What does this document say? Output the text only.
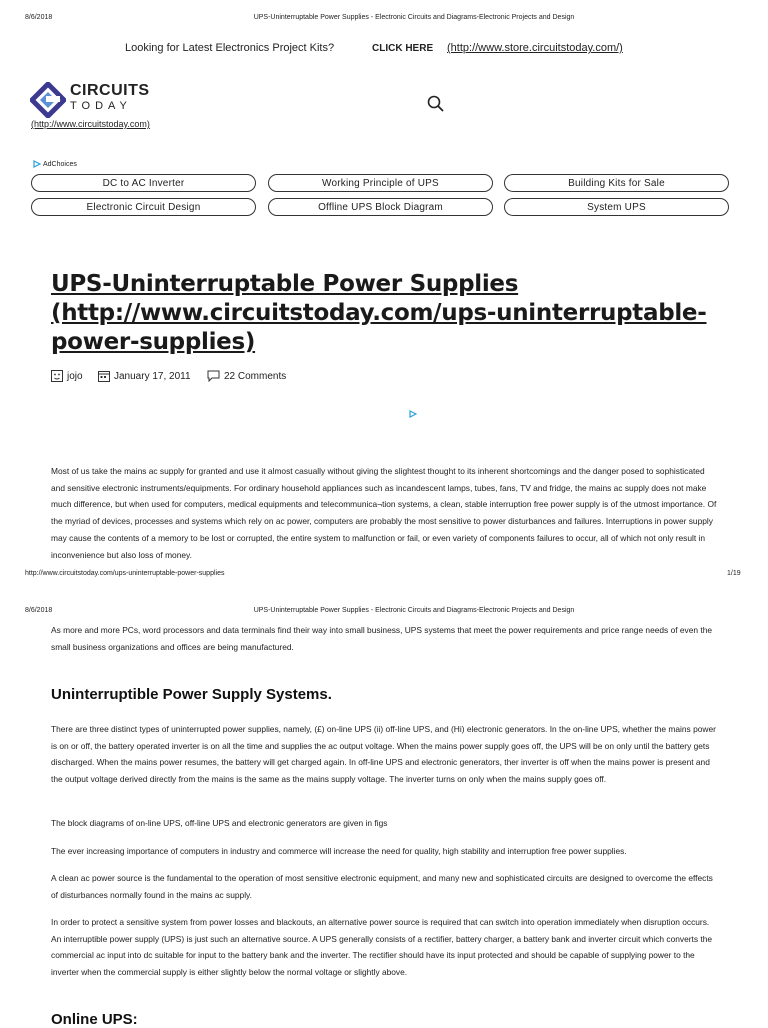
8/6/2018	UPS-Uninterruptable Power Supplies - Electronic Circuits and Diagrams-Electronic Projects and Design
Looking for Latest Electronics Project Kits?	CLICK HERE (http://www.store.circuitstoday.com/)
CIRCUITS
TODAY
(http://www.circuitstoday.com)
AdChoices
DC to AC Inverter	Working Principle of UPS	Building Kits for Sale
Electronic Circuit Design	Offline UPS Block Diagram	System UPS
UPS-Uninterruptable Power Supplies (http://www.circuitstoday.com/ups-uninterruptable-power-supplies)
jojo	January 17, 2011	22 Comments
Most of us take the mains ac supply for granted and use it almost casually without giving the slightest thought to its inherent shortcomings and the danger posed to sophisticated and sensitive electronic instruments/equipments. For ordinary household appliances such as incandescent lamps, tubes, fans, TV and fridge, the mains ac supply does not make much difference, but when used for computers, medical equipments and telecommunica¬tion systems, a clean, stable interruption free power supply is of the utmost importance. Of the myriad of devices, processes and systems which rely on ac power, computers are probably the most sensitive to power disturbances and failures. Interruptions in power supply may cause the contents of a memory to be lost or corrupted, the entire system to malfunction or fail, or even variety of components failures to occur, all of which not only result in inconvenience but also loss of money.
http://www.circuitstoday.com/ups-uninterruptable-power-supplies	1/19
8/6/2018	UPS-Uninterruptable Power Supplies - Electronic Circuits and Diagrams-Electronic Projects and Design
As more and more PCs, word processors and data terminals find their way into small business, UPS systems that meet the power requirements and price range needs of even the small business organizations and offices are being manufactured.
Uninterruptible Power Supply Systems.
There are three distinct types of uninterrupted power supplies, namely, (£) on-line UPS (ii) off-line UPS, and (Hi) electronic generators. In the on-line UPS, whether the mains power is on or off, the battery operated inverter is on all the time and supplies the ac output voltage. When the mains power supply goes off, the UPS will be on only until the battery gets discharged. When the mains power resumes, the battery will get charged again. In off-line UPS and electronic generators, ther inverter is off when the mains power is present and the output voltage derived directly from the mains is the same as the mains supply voltage. The inverter turns on only when the mains supply goes off.
The block diagrams of on-line UPS, off-line UPS and electronic generators are given in figs
The ever increasing importance of computers in industry and commerce will increase the need for quality, high stability and interruption free power supplies.
A clean ac power source is the fundamental to the operation of most sensitive electronic equipment, and many new and sophisticated circuits are designed to overcome the effects of disturbances normally found in the mains ac supply.
In order to protect a sensitive system from power losses and blackouts, an alternative power source is required that can switch into operation immediately when disruption occurs. An interruptible power supply (UPS) is just such an alternative source. A UPS generally consists of a rectifier, battery charger, a battery bank and inverter circuit which converts the commercial ac input into dc suitable for input to the battery bank and the inverter. The rectifier should have its input protected and should be capable of supplying power to the inverter when the commercial supply is either slightly below the normal voltage or slightly above.
Online UPS:
